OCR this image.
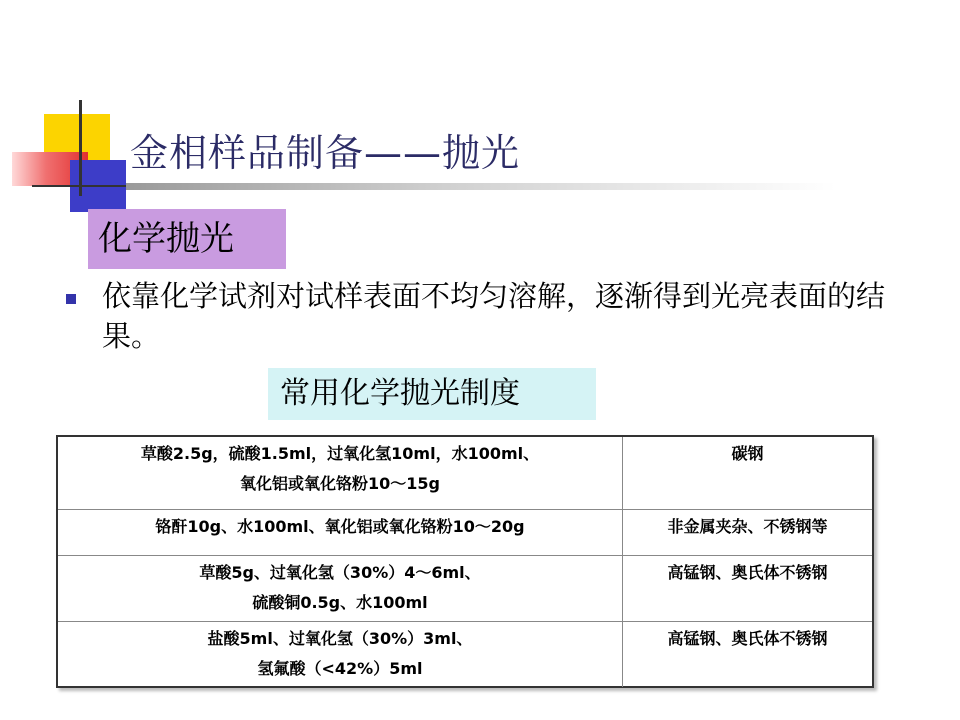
金相样品制备——抛光
化学抛光
依靠化学试剂对试样表面不均匀溶解，逐渐得到光亮表面的结果。
常用化学抛光制度
草酸2.5g，硫酸1.5ml，过氧化氢10ml，水100ml、
氧化铝或氧化铬粉10～15g	碳钢

铬酐10g、水100ml、氧化铝或氧化铬粉10～20g	非金属夹杂、不锈钢等

草酸5g、过氧化氢（30%）4～6ml、
硫酸铜0.5g、水100ml	高锰钢、奥氏体不锈钢

盐酸5ml、过氧化氢（30%）3ml、
氢氟酸（<42%）5ml	高锰钢、奥氏体不锈钢
